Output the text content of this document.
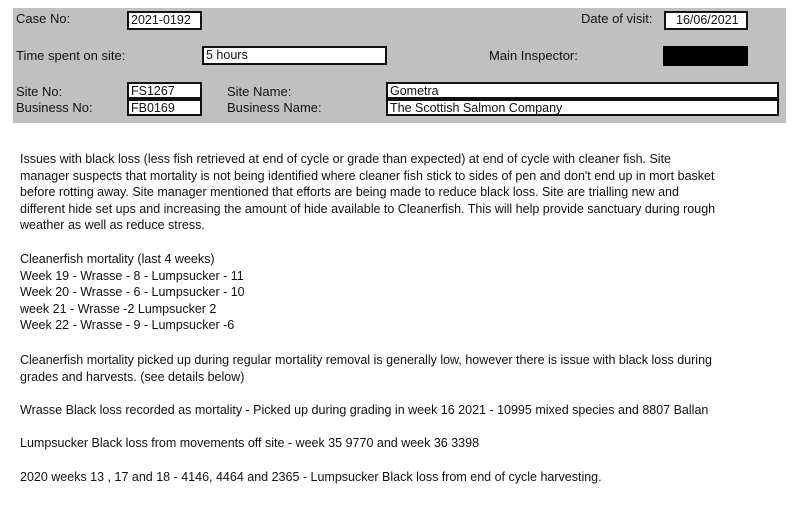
Case No:	2021-0192	Date of visit:	16/06/2021
Time spent on site:	5 hours	Main Inspector:
Site No:	FS1267
Business No:	FB0169
Site Name:	Gometra
Business Name:	The Scottish Salmon Company
Issues with black loss (less fish retrieved at end of cycle or grade than expected) at end of cycle with cleaner fish. Site
manager suspects that mortality is not being identified where cleaner fish stick to sides of pen and don't end up in mort basket
before rotting away. Site manager mentioned that efforts are being made to reduce black loss. Site are trialling new and
different hide set ups and increasing the amount of hide available to Cleanerfish. This will help provide sanctuary during rough
weather as well as reduce stress.
Cleanerfish mortality (last 4 weeks)
Week 19 - Wrasse - 8 - Lumpsucker - 11
Week 20 - Wrasse - 6 - Lumpsucker - 10
week 21 - Wrasse -2 Lumpsucker 2
Week 22 - Wrasse - 9 - Lumpsucker -6
Cleanerfish mortality picked up during regular mortality removal is generally low, however there is issue with black loss during
grades and harvests. (see details below)
Wrasse Black loss recorded as mortality - Picked up during grading in week 16 2021 - 10995 mixed species and 8807 Ballan
Lumpsucker Black loss from movements off site - week 35 9770 and week 36 3398
2020 weeks 13 , 17 and 18 - 4146, 4464 and 2365 - Lumpsucker Black loss from end of cycle harvesting.
